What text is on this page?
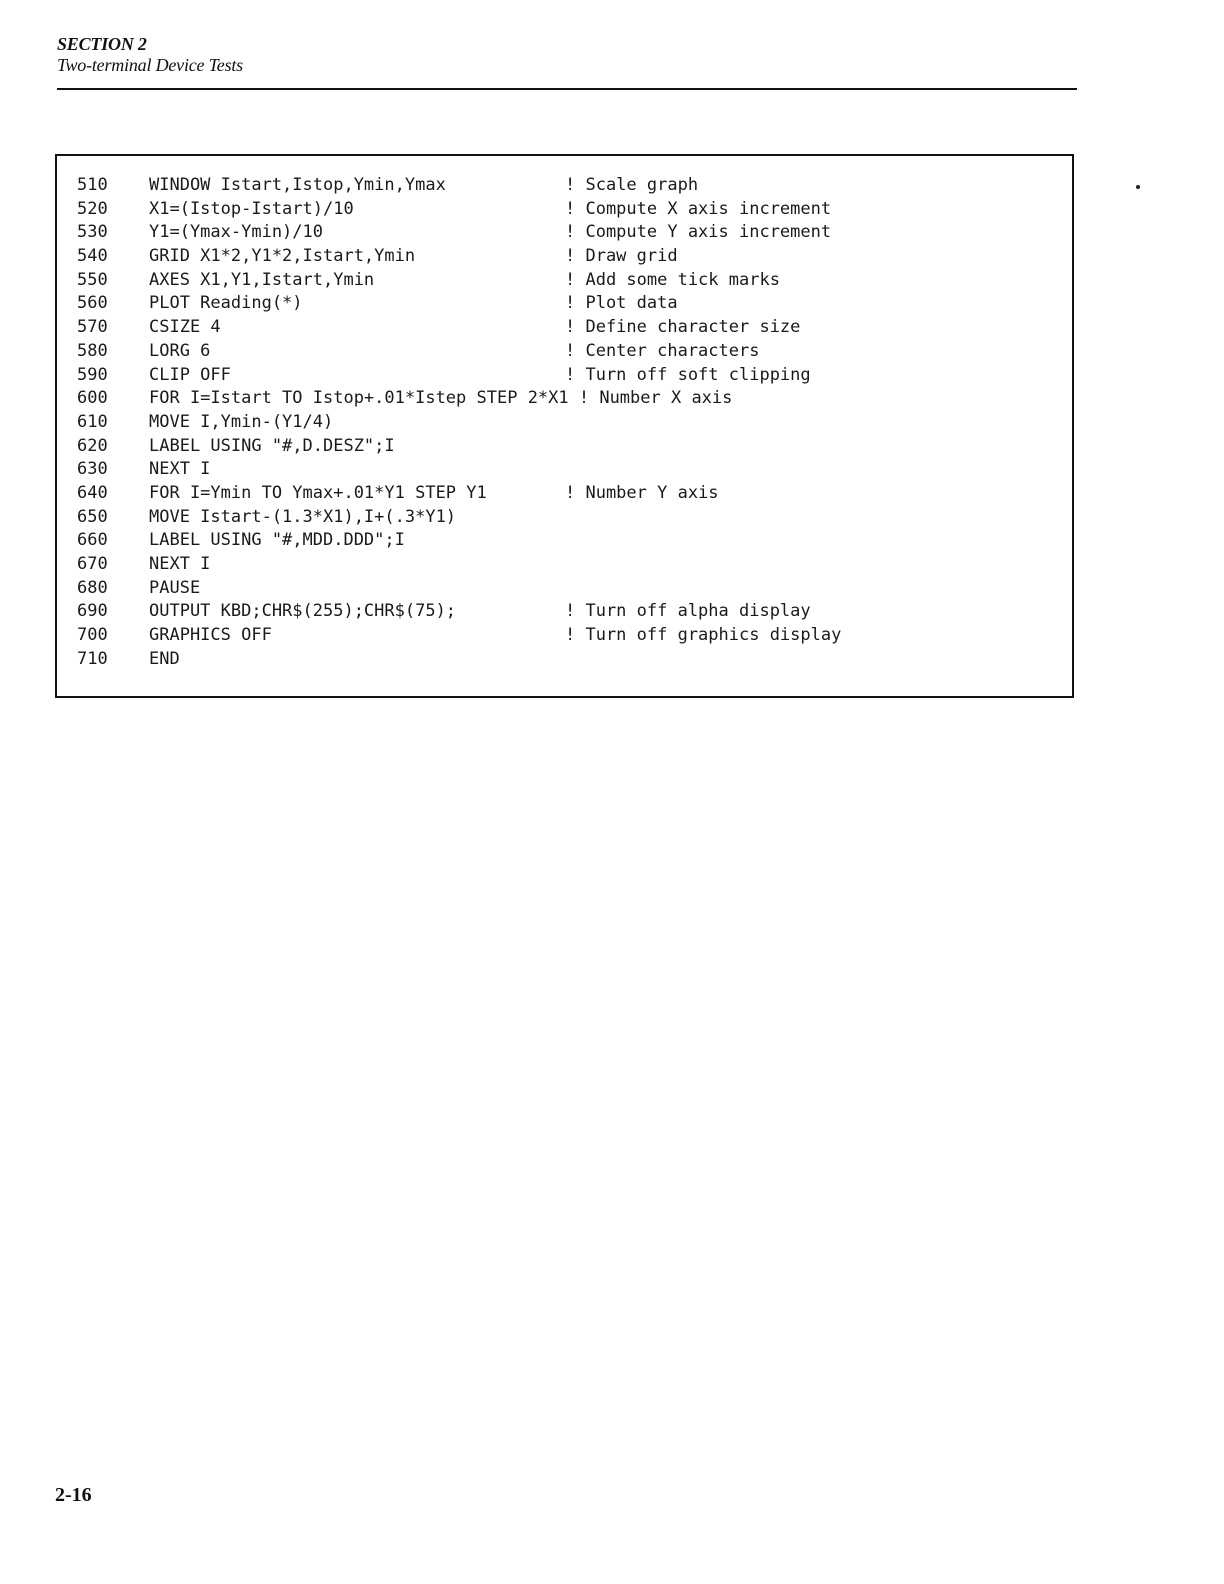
SECTION 2
Two-terminal Device Tests
510 WINDOW Istart,Istop,Ymin,Ymax	! Scale graph
520 X1=(Istop-Istart)/10	! Compute X axis increment
530 Y1=(Ymax-Ymin)/10	! Compute Y axis increment
540 GRID X1*2,Y1*2,Istart,Ymin	! Draw grid
550 AXES X1,Y1,Istart,Ymin	! Add some tick marks
560 PLOT Reading(*)	! Plot data
570 CSIZE 4	! Define character size
580 LORG 6	! Center characters
590 CLIP OFF	! Turn off soft clipping
600 FOR I=Istart TO Istop+.01*Istep STEP 2*X1 ! Number X axis
610 MOVE I,Ymin-(Y1/4)
620 LABEL USING "#,D.DESZ";I
630 NEXT I
640 FOR I=Ymin TO Ymax+.01*Y1 STEP Y1	! Number Y axis
650 MOVE Istart-(1.3*X1),I+(.3*Y1)
660 LABEL USING "#,MDD.DDD";I
670 NEXT I
680 PAUSE
690 OUTPUT KBD;CHR$(255);CHR$(75);	! Turn off alpha display
700 GRAPHICS OFF	! Turn off graphics display
710 END
2-16
